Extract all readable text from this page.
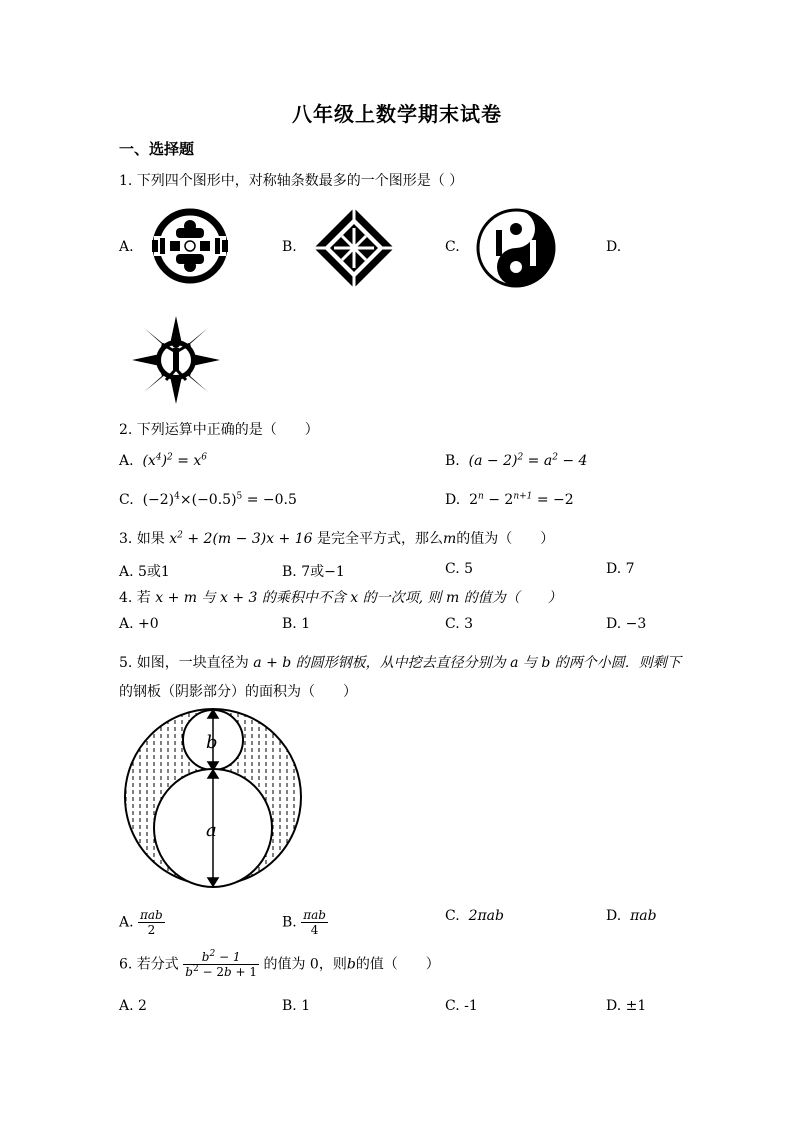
八年级上数学期末试卷
一、选择题
1. 下列四个图形中，对称轴条数最多的一个图形是（ ）
A.	B.	C.	D.
2. 下列运算中正确的是（　　）
A.  $(x^4)^2 = x^6$	B.  $(a - 2)^2 = a^2 - 4$
C.  $(-2)^4\times(-0.5)^5 = -0.5$	D.  $2^n - 2^{n+1} = -2$
3. 如果 $x^2 + 2(m - 3)x + 16$ 是完全平方式，那么m的值为（　　）
A. 5或1	B. 7或−1	C. 5	D. 7
4. 若 x + m 与 x + 3 的乘积中不含 x 的一次项, 则 m 的值为（　　）
A. +0	B. 1	C. 3	D. −3
5. 如图，一块直径为 a + b 的圆形钢板，从中挖去直径分别为 a 与 b 的两个小圆．则剩下
的钢板（阴影部分）的面积为（　　）
b
a
A. $\frac{\text{πab}}{2}$	B. $\frac{\text{πab}}{4}$	C.  2πab	D.  πab
6. 若分式 $\frac{b^2 - 1}{b^2 - 2b + 1}$ 的值为 0，则b的值（　　）
A. 2	B. 1	C. -1	D. ±1
